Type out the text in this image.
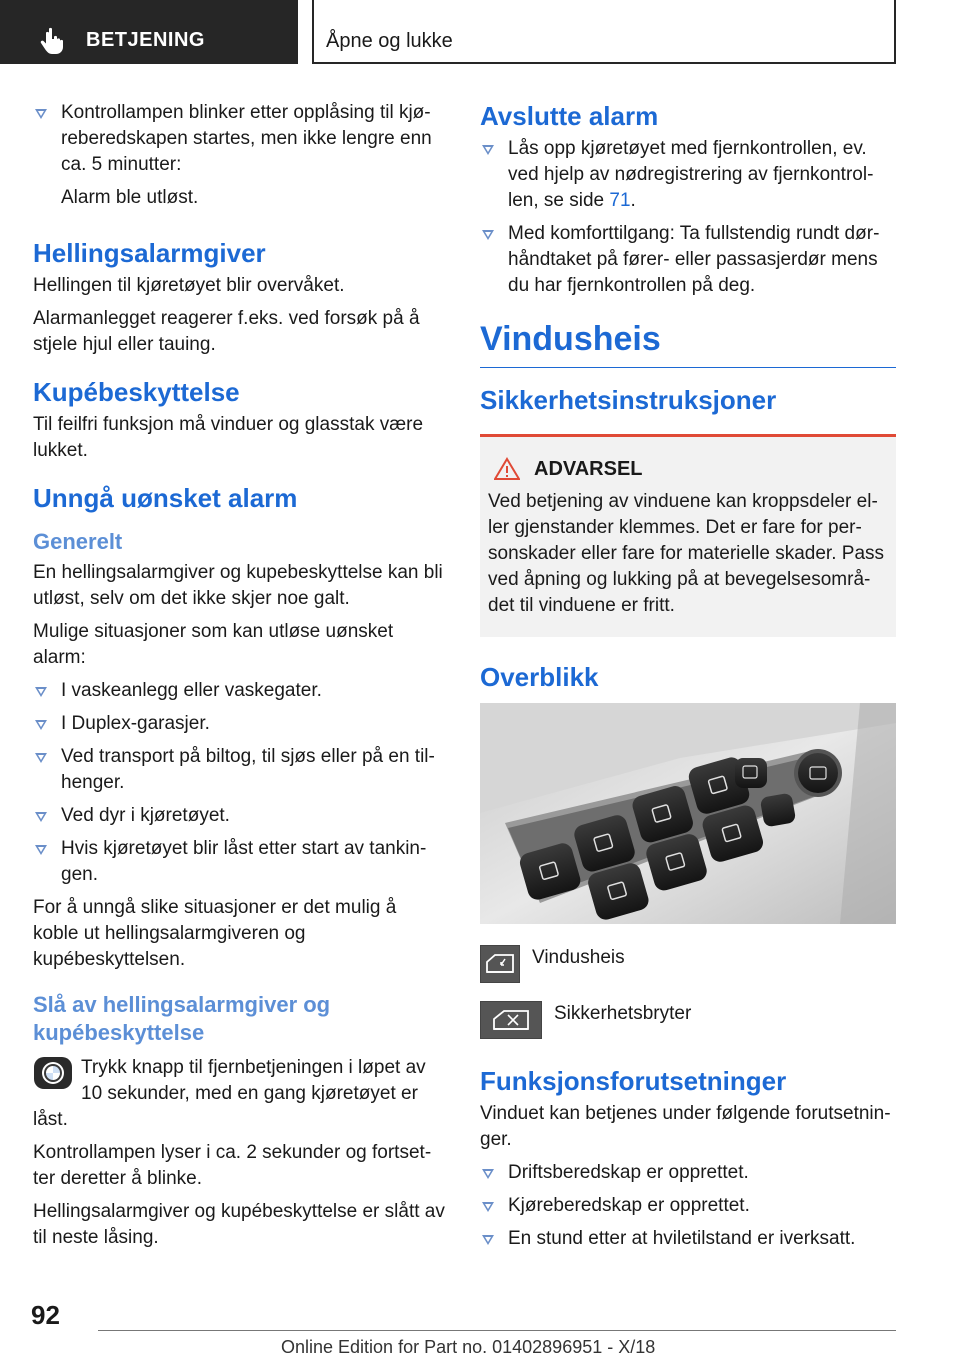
BETJENING	Åpne og lukke
Kontrollampen blinker etter opplåsing til kjøreberedskapen startes, men ikke lengre enn ca. 5 minutter:

Alarm ble utløst.

Hellingsalarmgiver

Hellingen til kjøretøyet blir overvåket.

Alarmanlegget reagerer f.eks. ved forsøk på å stjele hjul eller tauing.

Kupébeskyttelse

Til feilfri funksjon må vinduer og glasstak være lukket.

Unngå uønsket alarm
Generelt

En hellingsalarmgiver og kupebeskyttelse kan bli utløst, selv om det ikke skjer noe galt.

Mulige situasjoner som kan utløse uønsket alarm:

I vaskeanlegg eller vaskegater.
I Duplex-garasjer.
Ved transport på biltog, til sjøs eller på en tilhenger.
Ved dyr i kjøretøyet.
Hvis kjøretøyet blir låst etter start av tankingen.

For å unngå slike situasjoner er det mulig å koble ut hellingsalarmgiveren og kupébeskyttelsen.

Slå av hellingsalarmgiver og kupébeskyttelse

Trykk knapp til fjernbetjeningen i løpet av 10 sekunder, med en gang kjøretøyet er låst.

Kontrollampen lyser i ca. 2 sekunder og fortsetter deretter å blinke.

Hellingsalarmgiver og kupébeskyttelse er slått av til neste låsing.

Avslutte alarm
Lås opp kjøretøyet med fjernkontrollen, ev. ved hjelp av nødregistrering av fjernkontrollen, se side 71.
Med komforttilgang: Ta fullstendig rundt dørhåndtaket på fører- eller passasjerdør mens du har fjernkontrollen på deg.
Vindusheis
Sikkerhetsinstruksjoner
ADVARSEL

Ved betjening av vinduene kan kroppsdeler eller gjenstander klemmes. Det er fare for personskader eller fare for materielle skader. Pass ved åpning og lukking på at bevegelsesområdet til vinduene er fritt.

Overblikk
Vindusheis
Sikkerhetsbryter
Funksjonsforutsetninger

Vinduet kan betjenes under følgende forutsetninger.

Driftsberedskap er opprettet.
Kjøreberedskap er opprettet.
En stund etter at hviletilstand er iverksatt.
92
Online Edition for Part no. 01402896951 - X/18
